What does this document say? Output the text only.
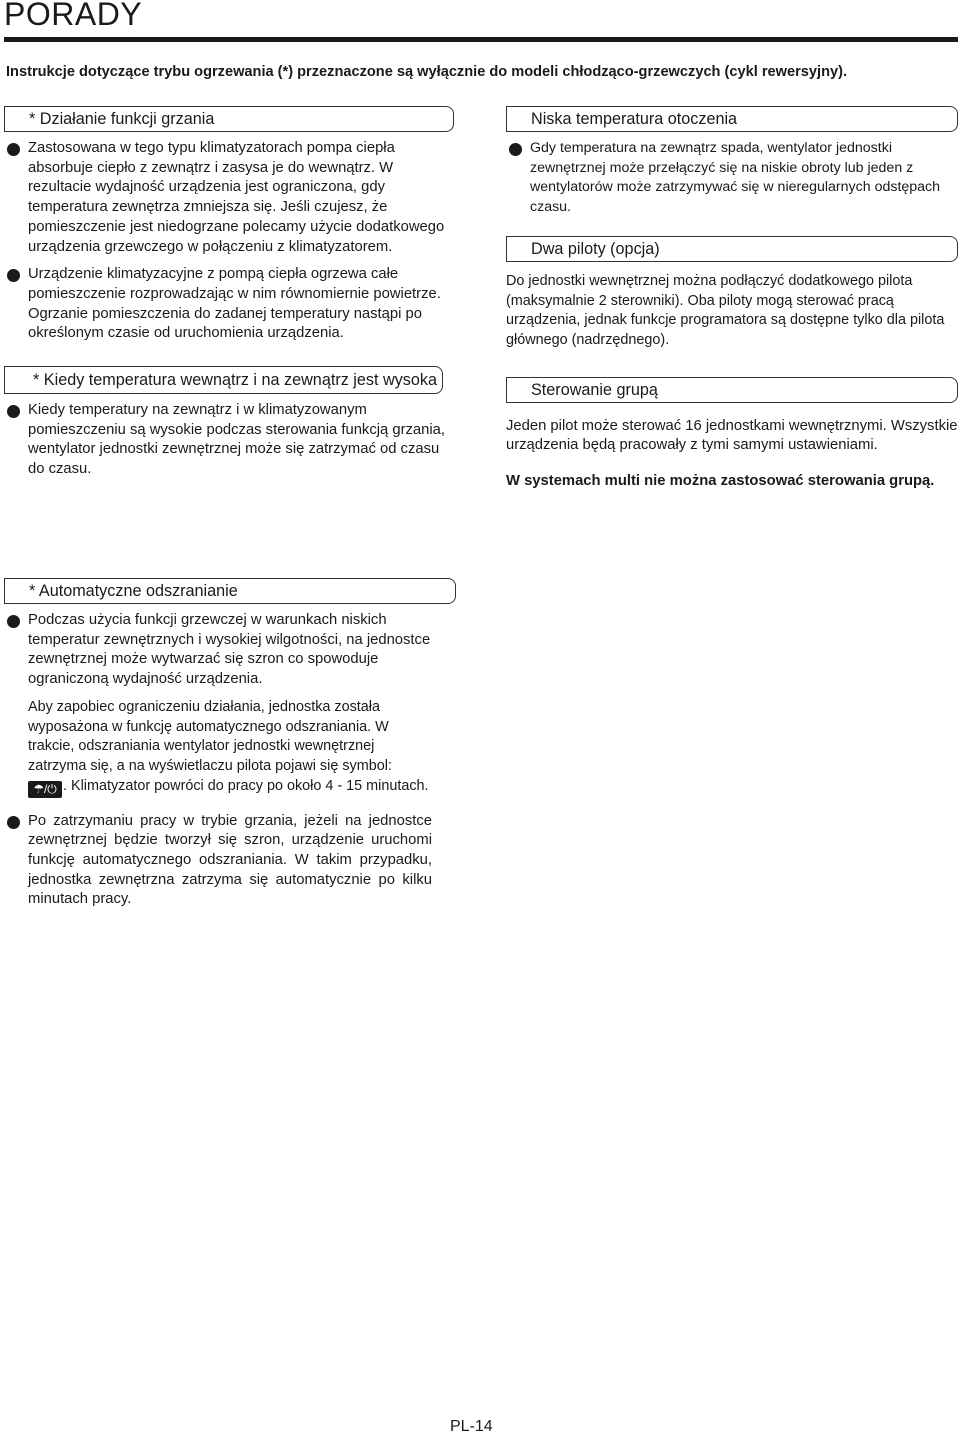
PORADY
Instrukcje dotyczące trybu ogrzewania (*) przeznaczone są wyłącznie do modeli chłodząco-grzewczych (cykl rewersyjny).
* Działanie funkcji grzania

Zastosowana w tego typu klimatyzatorach pompa ciepła absorbuje ciepło z zewnątrz i zasysa je do wewnątrz. W rezultacie wydajność urządzenia jest ograniczona, gdy temperatura zewnętrza zmniejsza się. Jeśli czujesz, że pomieszczenie jest niedogrzane polecamy użycie dodatkowego urządzenia grzewczego w połączeniu z klimatyzatorem.

Urządzenie klimatyzacyjne z pompą ciepła ogrzewa całe pomieszczenie rozprowadzając w nim równomiernie powietrze. Ogrzanie pomieszczenia do zadanej temperatury nastąpi po określonym czasie od uruchomienia urządzenia.

* Kiedy temperatura wewnątrz i na zewnątrz jest wysoka

Kiedy temperatury na zewnątrz i w klimatyzowanym pomieszczeniu są wysokie podczas sterowania funkcją grzania, wentylator jednostki zewnętrznej może się zatrzymać od czasu do czasu.

Niska temperatura otoczenia

Gdy temperatura na zewnątrz spada, wentylator jednostki zewnętrznej może przełączyć się na niskie obroty lub jeden z wentylatorów może zatrzymywać się w nieregularnych odstępach czasu.

Dwa piloty (opcja)

Do jednostki wewnętrznej można podłączyć dodatkowego pilota (maksymalnie 2 sterowniki). Oba piloty mogą sterować pracą urządzenia, jednak funkcje programatora są dostępne tylko dla pilota głównego (nadrzędnego).

Sterowanie grupą

Jeden pilot może sterować 16 jednostkami wewnętrznymi. Wszystkie urządzenia będą pracowały z tymi samymi ustawieniami.

W systemach multi nie można zastosować sterowania grupą.

* Automatyczne odszranianie

Podczas użycia funkcji grzewczej w warunkach niskich temperatur zewnętrznych i wysokiej wilgotności, na jednostce zewnętrznej może wytwarzać się szron co spowoduje ograniczoną wydajność urządzenia.

Aby zapobiec ograniczeniu działania, jednostka została wyposażona w funkcję automatycznego odszraniania. W trakcie, odszraniania wentylator jednostki wewnętrznej zatrzyma się, a na wyświetlaczu pilota pojawi się symbol:
☂/⏻ . Klimatyzator powróci do pracy po około 4 - 15 minutach.

Po zatrzymaniu pracy w trybie grzania, jeżeli na jednostce zewnętrznej będzie tworzył się szron, urządzenie uruchomi funkcję automatycznego odszraniania. W takim przypadku, jednostka zewnętrzna zatrzyma się automatycznie po kilku minutach pracy.

PL-14
